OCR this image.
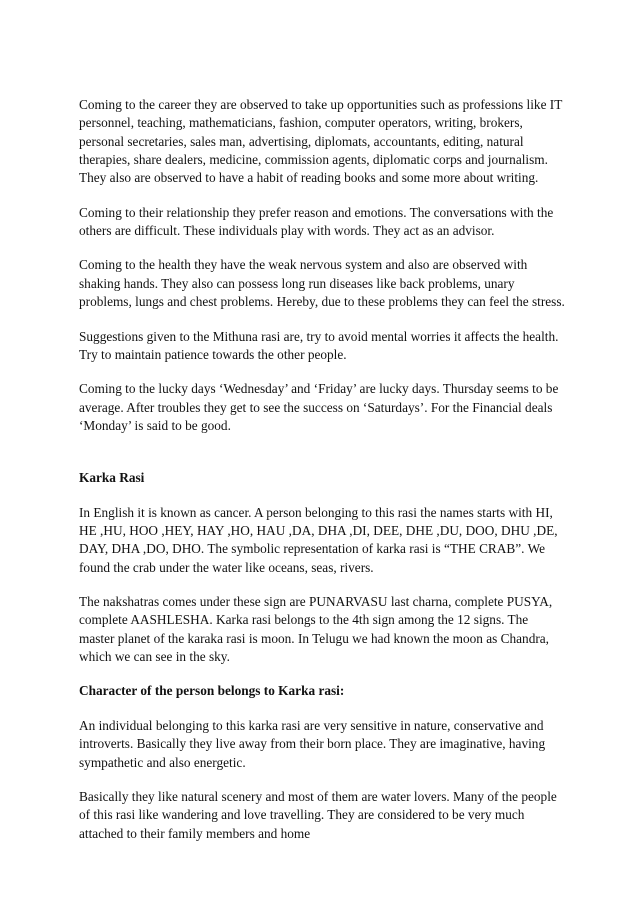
Coming to the career they are observed to take up opportunities such as professions like IT personnel, teaching, mathematicians, fashion, computer operators, writing, brokers, personal secretaries, sales man, advertising, diplomats, accountants, editing, natural therapies, share dealers, medicine, commission agents, diplomatic corps and journalism. They also are observed to have a habit of reading books and some more about writing.

Coming to their relationship they prefer reason and emotions. The conversations with the others are difficult. These individuals play with words. They act as an advisor.

Coming to the health they have the weak nervous system and also are observed with shaking hands. They also can possess long run diseases like back problems, unary problems, lungs and chest problems. Hereby, due to these problems they can feel the stress.

Suggestions given to the Mithuna rasi are, try to avoid mental worries it affects the health. Try to maintain patience towards the other people.

Coming to the lucky days ‘Wednesday’ and ‘Friday’ are lucky days. Thursday seems to be average. After troubles they get to see the success on ‘Saturdays’. For the Financial deals ‘Monday’ is said to be good.

Karka Rasi

In English it is known as cancer. A person belonging to this rasi the names starts with HI, HE ,HU, HOO ,HEY, HAY ,HO, HAU ,DA, DHA ,DI, DEE, DHE ,DU, DOO, DHU ,DE, DAY, DHA ,DO, DHO. The symbolic representation of karka rasi is “THE CRAB”. We found the crab under the water like oceans, seas, rivers.

The nakshatras comes under these sign are PUNARVASU last charna, complete PUSYA, complete AASHLESHA. Karka rasi belongs to the 4th sign among the 12 signs. The master planet of the karaka rasi is moon. In Telugu we had known the moon as Chandra, which we can see in the sky.

Character of the person belongs to Karka rasi:

An individual belonging to this karka rasi are very sensitive in nature, conservative and introverts. Basically they live away from their born place. They are imaginative, having sympathetic and also energetic.

Basically they like natural scenery and most of them are water lovers. Many of the people of this rasi like wandering and love travelling. They are considered to be very much attached to their family members and home
